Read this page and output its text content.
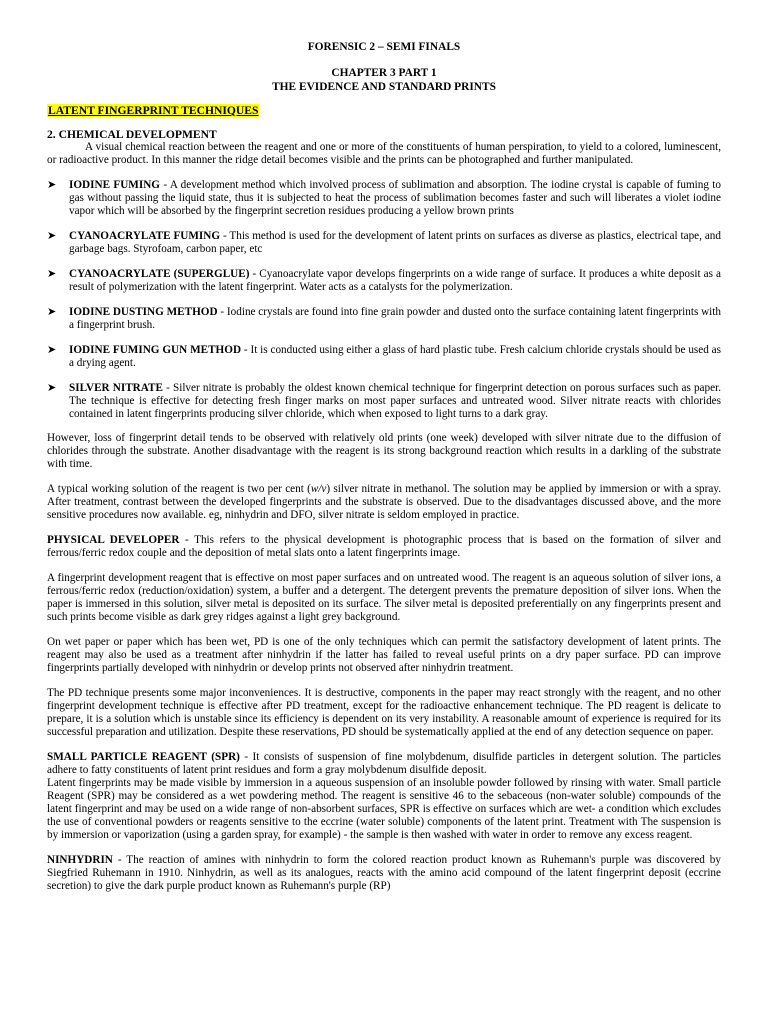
FORENSIC 2 – SEMI FINALS
CHAPTER 3 PART 1
THE EVIDENCE AND STANDARD PRINTS
LATENT FINGERPRINT TECHNIQUES
2. CHEMICAL DEVELOPMENT

A visual chemical reaction between the reagent and one or more of the constituents of human perspiration, to yield to a colored, luminescent, or radioactive product. In this manner the ridge detail becomes visible and the prints can be photographed and further manipulated.

➤ IODINE FUMING - A development method which involved process of sublimation and absorption. The iodine crystal is capable of fuming to gas without passing the liquid state, thus it is subjected to heat the process of sublimation becomes faster and such will liberates a violet iodine vapor which will be absorbed by the fingerprint secretion residues producing a yellow brown prints
➤ CYANOACRYLATE FUMING - This method is used for the development of latent prints on surfaces as diverse as plastics, electrical tape, and garbage bags. Styrofoam, carbon paper, etc
➤ CYANOACRYLATE (SUPERGLUE) - Cyanoacrylate vapor develops fingerprints on a wide range of surface. It produces a white deposit as a result of polymerization with the latent fingerprint. Water acts as a catalysts for the polymerization.
➤ IODINE DUSTING METHOD - Iodine crystals are found into fine grain powder and dusted onto the surface containing latent fingerprints with a fingerprint brush.
➤ IODINE FUMING GUN METHOD - It is conducted using either a glass of hard plastic tube. Fresh calcium chloride crystals should be used as a drying agent.
➤ SILVER NITRATE - Silver nitrate is probably the oldest known chemical technique for fingerprint detection on porous surfaces such as paper. The technique is effective for detecting fresh finger marks on most paper surfaces and untreated wood. Silver nitrate reacts with chlorides contained in latent fingerprints producing silver chloride, which when exposed to light turns to a dark gray.

However, loss of fingerprint detail tends to be observed with relatively old prints (one week) developed with silver nitrate due to the diffusion of chlorides through the substrate. Another disadvantage with the reagent is its strong background reaction which results in a darkling of the substrate with time.

A typical working solution of the reagent is two per cent (w/v) silver nitrate in methanol. The solution may be applied by immersion or with a spray. After treatment, contrast between the developed fingerprints and the substrate is observed. Due to the disadvantages discussed above, and the more sensitive procedures now available. eg, ninhydrin and DFO, silver nitrate is seldom employed in practice.

PHYSICAL DEVELOPER - This refers to the physical development is photographic process that is based on the formation of silver and ferrous/ferric redox couple and the deposition of metal slats onto a latent fingerprints image.

A fingerprint development reagent that is effective on most paper surfaces and on untreated wood. The reagent is an aqueous solution of silver ions, a ferrous/ferric redox (reduction/oxidation) system, a buffer and a detergent. The detergent prevents the premature deposition of silver ions. When the paper is immersed in this solution, silver metal is deposited on its surface. The silver metal is deposited preferentially on any fingerprints present and such prints become visible as dark grey ridges against a light grey background.

On wet paper or paper which has been wet, PD is one of the only techniques which can permit the satisfactory development of latent prints. The reagent may also be used as a treatment after ninhydrin if the latter has failed to reveal useful prints on a dry paper surface. PD can improve fingerprints partially developed with ninhydrin or develop prints not observed after ninhydrin treatment.

The PD technique presents some major inconveniences. It is destructive, components in the paper may react strongly with the reagent, and no other fingerprint development technique is effective after PD treatment, except for the radioactive enhancement technique. The PD reagent is delicate to prepare, it is a solution which is unstable since its efficiency is dependent on its very instability. A reasonable amount of experience is required for its successful preparation and utilization. Despite these reservations, PD should be systematically applied at the end of any detection sequence on paper.

SMALL PARTICLE REAGENT (SPR) - It consists of suspension of fine molybdenum, disulfide particles in detergent solution. The particles adhere to fatty constituents of latent print residues and form a gray molybdenum disulfide deposit.

Latent fingerprints may be made visible by immersion in a aqueous suspension of an insoluble powder followed by rinsing with water. Small particle Reagent (SPR) may be considered as a wet powdering method. The reagent is sensitive 46 to the sebaceous (non-water soluble) compounds of the latent fingerprint and may be used on a wide range of non-absorbent surfaces, SPR is effective on surfaces which are wet- a condition which excludes the use of conventional powders or reagents sensitive to the eccrine (water soluble) components of the latent print. Treatment with The suspension is by immersion or vaporization (using a garden spray, for example) - the sample is then washed with water in order to remove any excess reagent.

NINHYDRIN - The reaction of amines with ninhydrin to form the colored reaction product known as Ruhemann's purple was discovered by Siegfried Ruhemann in 1910. Ninhydrin, as well as its analogues, reacts with the amino acid compound of the latent fingerprint deposit (eccrine secretion) to give the dark purple product known as Ruhemann's purple (RP)
